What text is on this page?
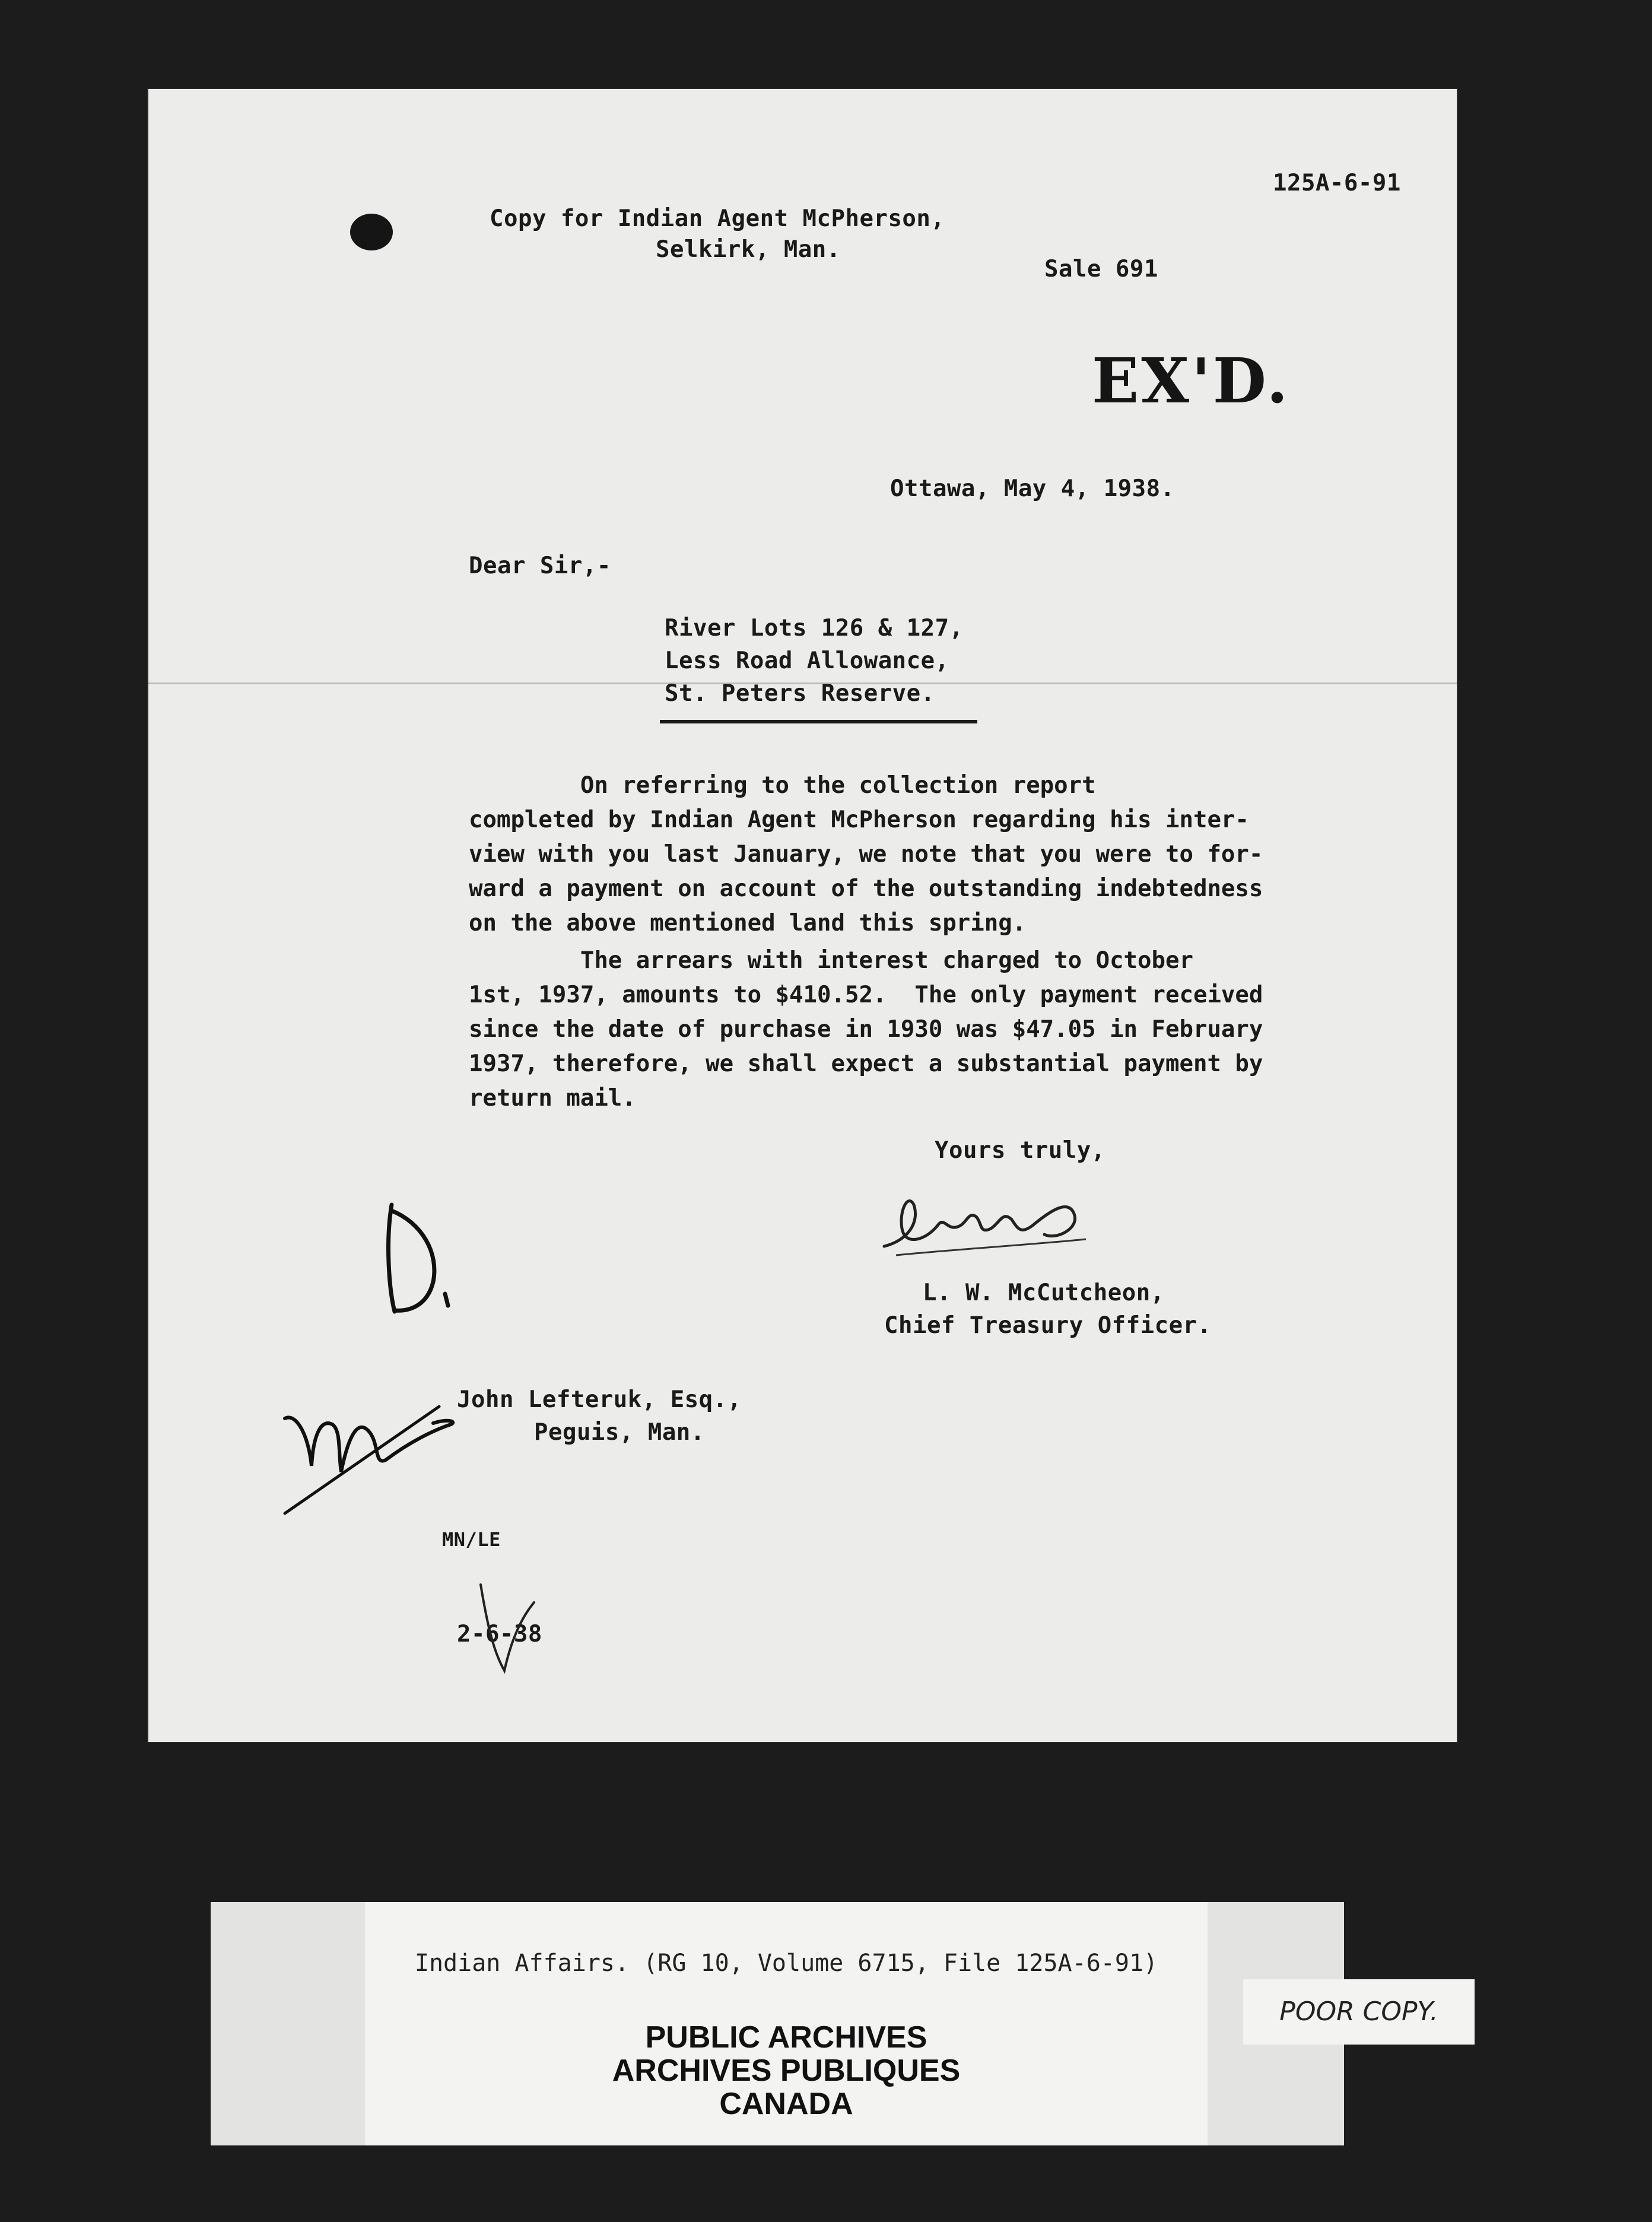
125A-6-91
Copy for Indian Agent McPherson,
Selkirk, Man.
Sale 691
EX'D.
Ottawa, May 4, 1938.
Dear Sir,-
River Lots 126 & 127,
Less Road Allowance,
St. Peters Reserve.

On referring to the collection report

completed by Indian Agent McPherson regarding his inter-

view with you last January, we note that you were to for-

ward a payment on account of the outstanding indebtedness

on the above mentioned land this spring.

The arrears with interest charged to October

1st, 1937, amounts to $410.52.  The only payment received

since the date of purchase in 1930 was $47.05 in February

1937, therefore, we shall expect a substantial payment by

return mail.

Yours truly,
L. W. McCutcheon,
Chief Treasury Officer.
John Lefteruk, Esq.,
Peguis, Man.
MN/LE
2-6-38
Indian Affairs. (RG 10, Volume 6715, File 125A-6-91)
PUBLIC ARCHIVES
ARCHIVES PUBLIQUES
CANADA
POOR COPY.
